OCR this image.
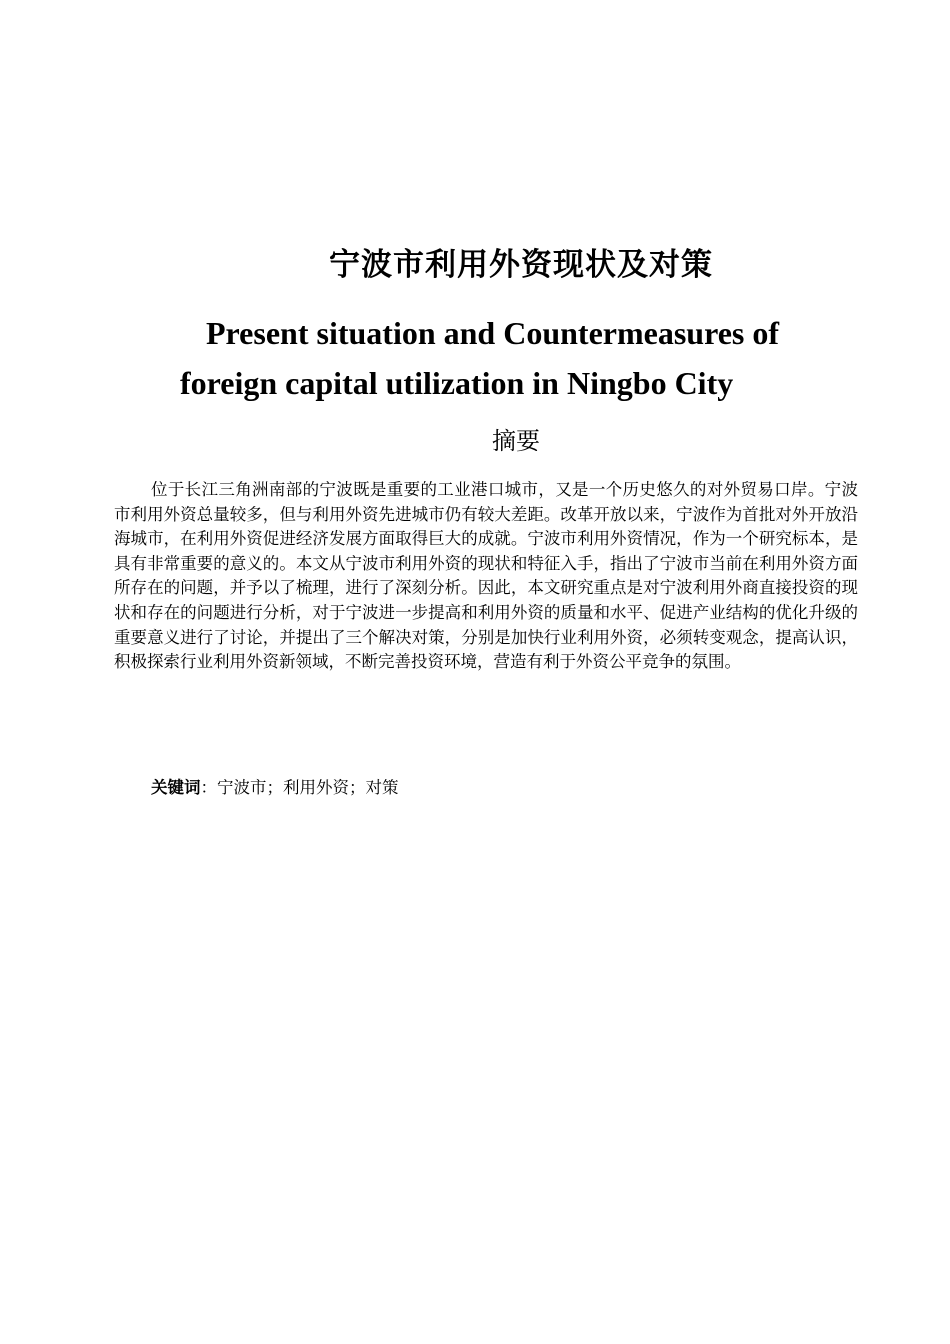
宁波市利用外资现状及对策
Present situation and Countermeasures of foreign capital utilization in Ningbo City
摘要

位于长江三角洲南部的宁波既是重要的工业港口城市，又是一个历史悠久的对外贸易口岸。宁波市利用外资总量较多，但与利用外资先进城市仍有较大差距。改革开放以来，宁波作为首批对外开放沿海城市，在利用外资促进经济发展方面取得巨大的成就。宁波市利用外资情况，作为一个研究标本，是具有非常重要的意义的。本文从宁波市利用外资的现状和特征入手，指出了宁波市当前在利用外资方面所存在的问题，并予以了梳理，进行了深刻分析。因此，本文研究重点是对宁波利用外商直接投资的现状和存在的问题进行分析，对于宁波进一步提高和利用外资的质量和水平、促进产业结构的优化升级的重要意义进行了讨论，并提出了三个解决对策，分别是加快行业利用外资，必须转变观念，提高认识，积极探索行业利用外资新领域，不断完善投资环境，营造有利于外资公平竞争的氛围。

关键词：宁波市；利用外资；对策
